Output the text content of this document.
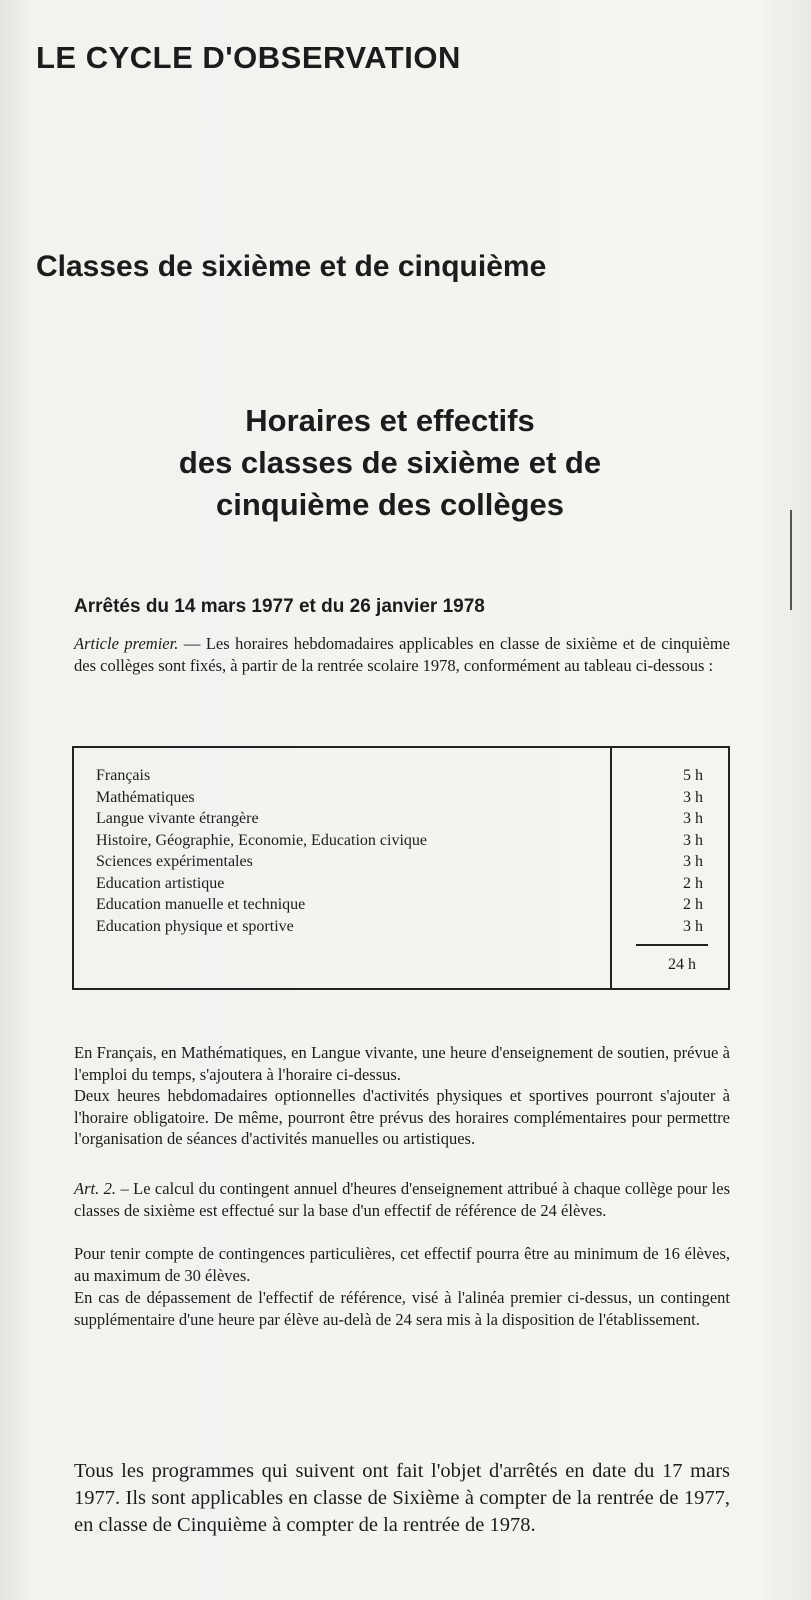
LE CYCLE D'OBSERVATION
Classes de sixième et de cinquième
Horaires et effectifs
des classes de sixième et de
cinquième des collèges
Arrêtés du 14 mars 1977 et du 26 janvier 1978
Article premier. — Les horaires hebdomadaires applicables en classe de sixième et de cinquième des collèges sont fixés, à partir de la rentrée scolaire 1978, conformément au tableau ci-dessous :
Français	5 h
Mathématiques	3 h
Langue vivante étrangère	3 h
Histoire, Géographie, Economie, Education civique	3 h
Sciences expérimentales	3 h
Education artistique	2 h
Education manuelle et technique	2 h
Education physique et sportive	3 h
24 h
En Français, en Mathématiques, en Langue vivante, une heure d'enseignement de soutien, prévue à l'emploi du temps, s'ajoutera à l'horaire ci-dessus.
Deux heures hebdomadaires optionnelles d'activités physiques et sportives pourront s'ajouter à l'horaire obligatoire. De même, pourront être prévus des horaires complémentaires pour permettre l'organisation de séances d'activités manuelles ou artistiques.
Art. 2. – Le calcul du contingent annuel d'heures d'enseignement attribué à chaque collège pour les classes de sixième est effectué sur la base d'un effectif de référence de 24 élèves.
Pour tenir compte de contingences particulières, cet effectif pourra être au minimum de 16 élèves, au maximum de 30 élèves.
En cas de dépassement de l'effectif de référence, visé à l'alinéa premier ci-dessus, un contingent supplémentaire d'une heure par élève au-delà de 24 sera mis à la disposition de l'établissement.
Tous les programmes qui suivent ont fait l'objet d'arrêtés en date du 17 mars 1977. Ils sont applicables en classe de Sixième à compter de la rentrée de 1977, en classe de Cinquième à compter de la rentrée de 1978.
